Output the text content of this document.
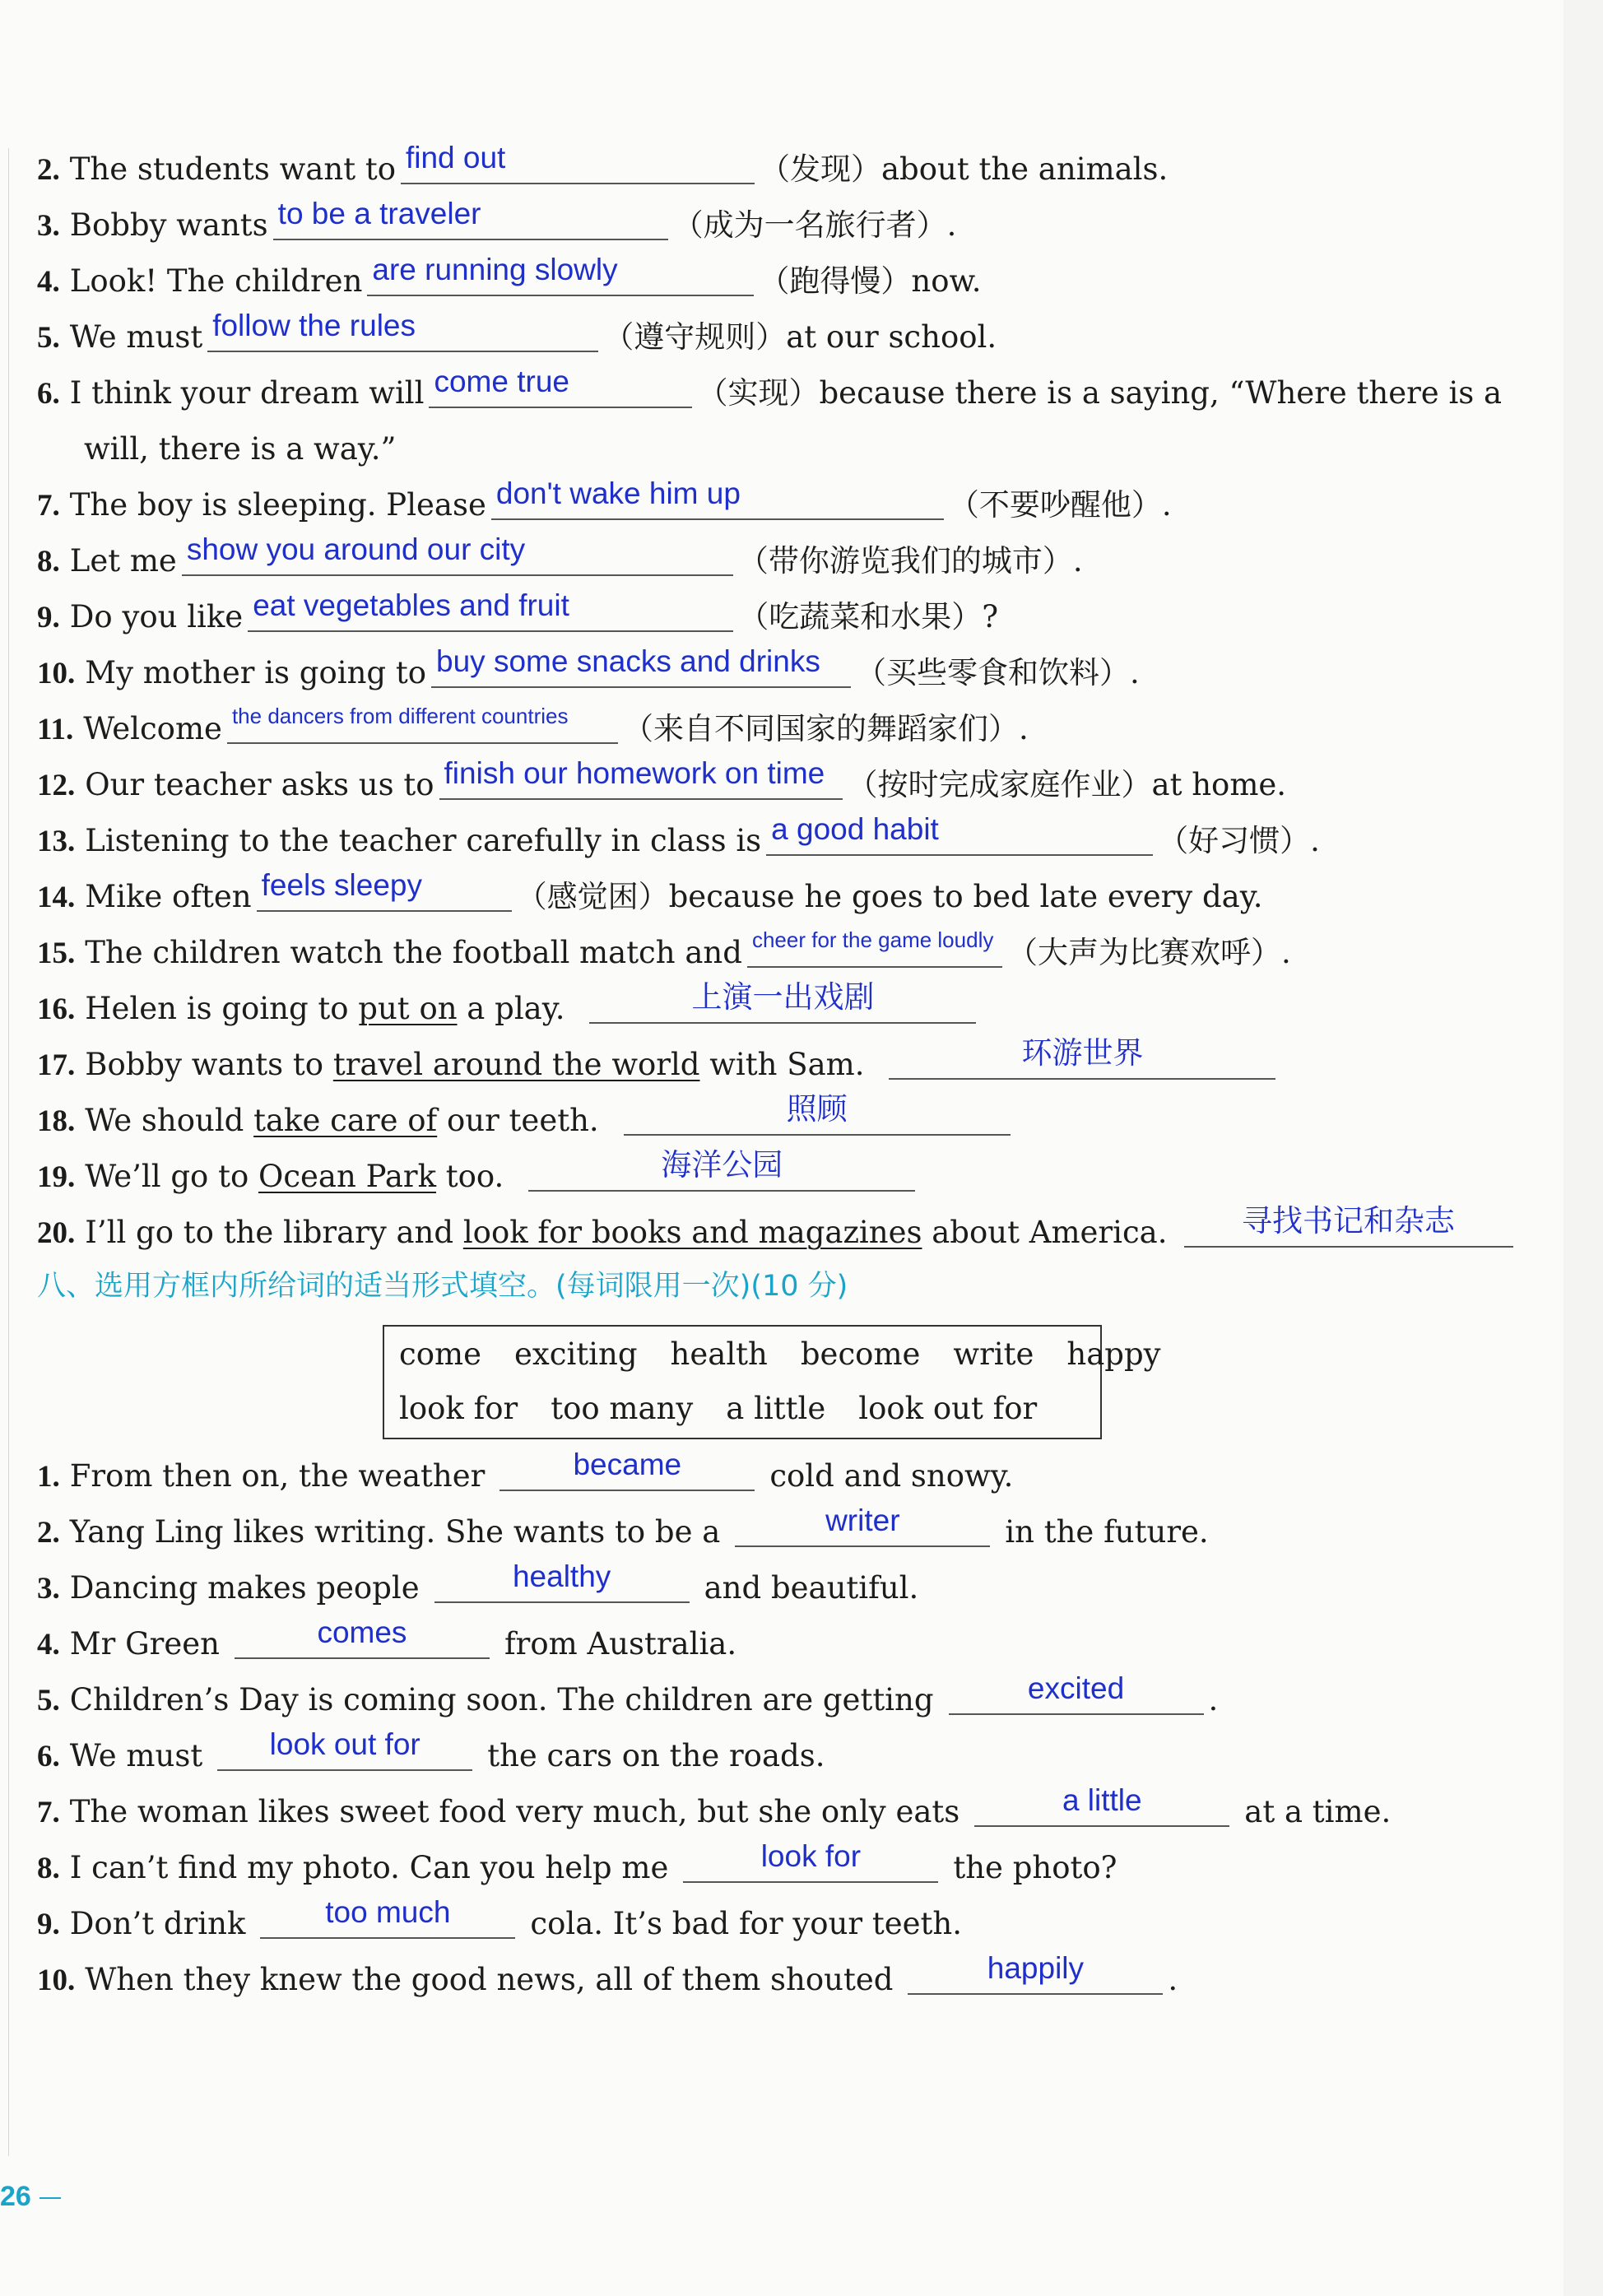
2. The students want to find out	（发现）about the animals.
3. Bobby wants to be a traveler	（成为一名旅行者）.
4. Look! The children are running slowly	（跑得慢）now.
5. We must follow the rules	（遵守规则）at our school.
6. I think your dream will come true	（实现）because there is a saying, “Where there is a
will, there is a way.”
7. The boy is sleeping. Please don't wake him up	（不要吵醒他）.
8. Let me show you around our city	（带你游览我们的城市）.
9. Do you like eat vegetables and fruit	（吃蔬菜和水果）?
10. My mother is going to buy some snacks and drinks （买些零食和饮料）.
11. Welcome the dancers from different countries （来自不同国家的舞蹈家们）.
12. Our teacher asks us to finish our homework on time （按时完成家庭作业）at home.
13. Listening to the teacher carefully in class is a good habit	（好习惯）.
14. Mike often feels sleepy	（感觉困）because he goes to bed late every day.
15. The children watch the football match and cheer for the game loudly （大声为比赛欢呼）.
16. Helen is going to put on a play.	上演一出戏剧
17. Bobby wants to travel around the world with Sam.	环游世界
18. We should take care of our teeth.	照顾
19. We’ll go to Ocean Park too.	海洋公园
20. I’ll go to the library and look for books and magazines about America.	寻找书记和杂志
八、选用方框内所给词的适当形式填空。(每词限用一次)(10 分)
come exciting health become write happy
look for too many a little look out for
1. From then on, the weather	became	cold and snowy.
2. Yang Ling likes writing. She wants to be a	writer	in the future.
3. Dancing makes people	healthy	and beautiful.
4. Mr Green	comes	from Australia.
5. Children’s Day is coming soon. The children are getting	excited	.
6. We must	look out for	the cars on the roads.
7. The woman likes sweet food very much, but she only eats	a little	at a time.
8. I can’t find my photo. Can you help me	look for	the photo?
9. Don’t drink	too much	cola. It’s bad for your teeth.
10. When they knew the good news, all of them shouted	happily	.
26
